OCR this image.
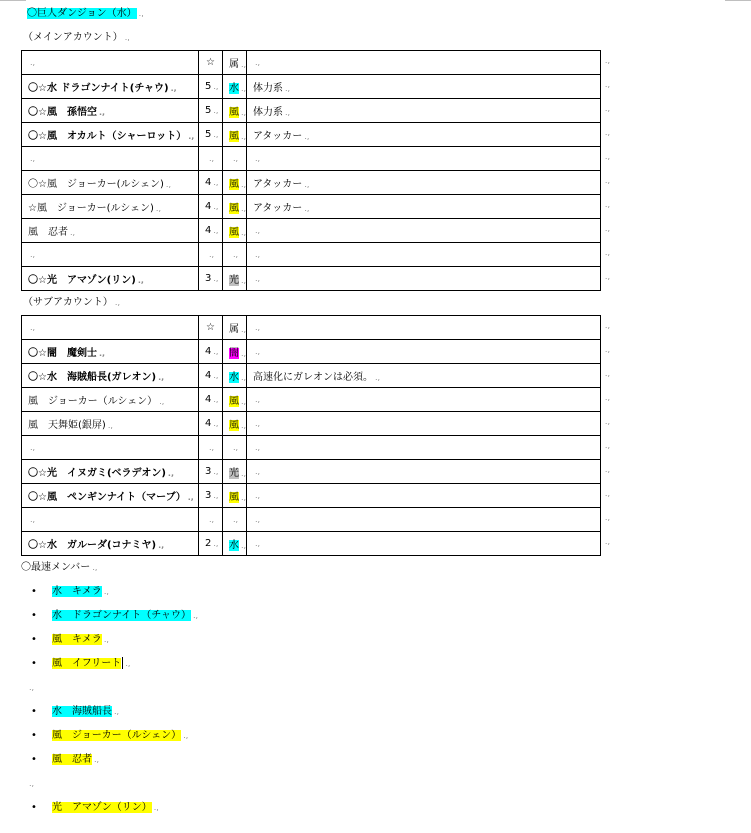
〇巨人ダンジョン（水） .,
（メインアカウント） .,
.,	☆	属 .,	., .,

〇☆水 ドラゴンナイト(チャウ) .,	5 .,	水 .,	体力系 ., .,

〇☆風　孫悟空 .,	5 .,	風 .,	体力系 ., .,

〇☆風　オカルト（シャーロット） .,	5 .,	風 .,	アタッカー ., .,

.,	.,	.,	., .,

〇☆風　ジョーカー(ルシェン) .,	4 .,	風 .,	アタッカー ., .,

☆風　ジョーカー(ルシェン) .,	4 .,	風 .,	アタッカー ., .,

風　忍者 .,	4 .,	風 .,	., .,

.,	.,	.,	., .,

〇☆光　アマゾン(リン) .,	3 .,	光 .,	., .,
（サブアカウント） .,
.,	☆	属 .,	., .,

〇☆闇　魔剣士 .,	4 .,	闇 .,	., .,

〇☆水　海賊船長(ガレオン) .,	4 .,	水 .,	高速化にガレオンは必須。 ., .,

風　ジョーカー（ルシェン） .,	4 .,	風 .,	., .,

風　天舞姫(銀屏) .,	4 .,	風 .,	., .,

.,	.,	.,	., .,

〇☆光　イヌガミ(ベラデオン) .,	3 .,	光 .,	., .,

〇☆風　ペンギンナイト（マーブ） .,	3 .,	風 .,	., .,

.,	.,	.,	., .,

〇☆水　ガルーダ(コナミヤ) .,	2 .,	水 .,	., .,
〇最速メンバー .,
• 水　キメラ .,
• 水　ドラゴンナイト（チャウ） .,
• 風　キメラ .,
• 風　イフリート .,
.,
• 水　海賊船長 .,
• 風　ジョーカー（ルシェン） .,
• 風　忍者 .,
.,
• 光　アマゾン（リン） .,
